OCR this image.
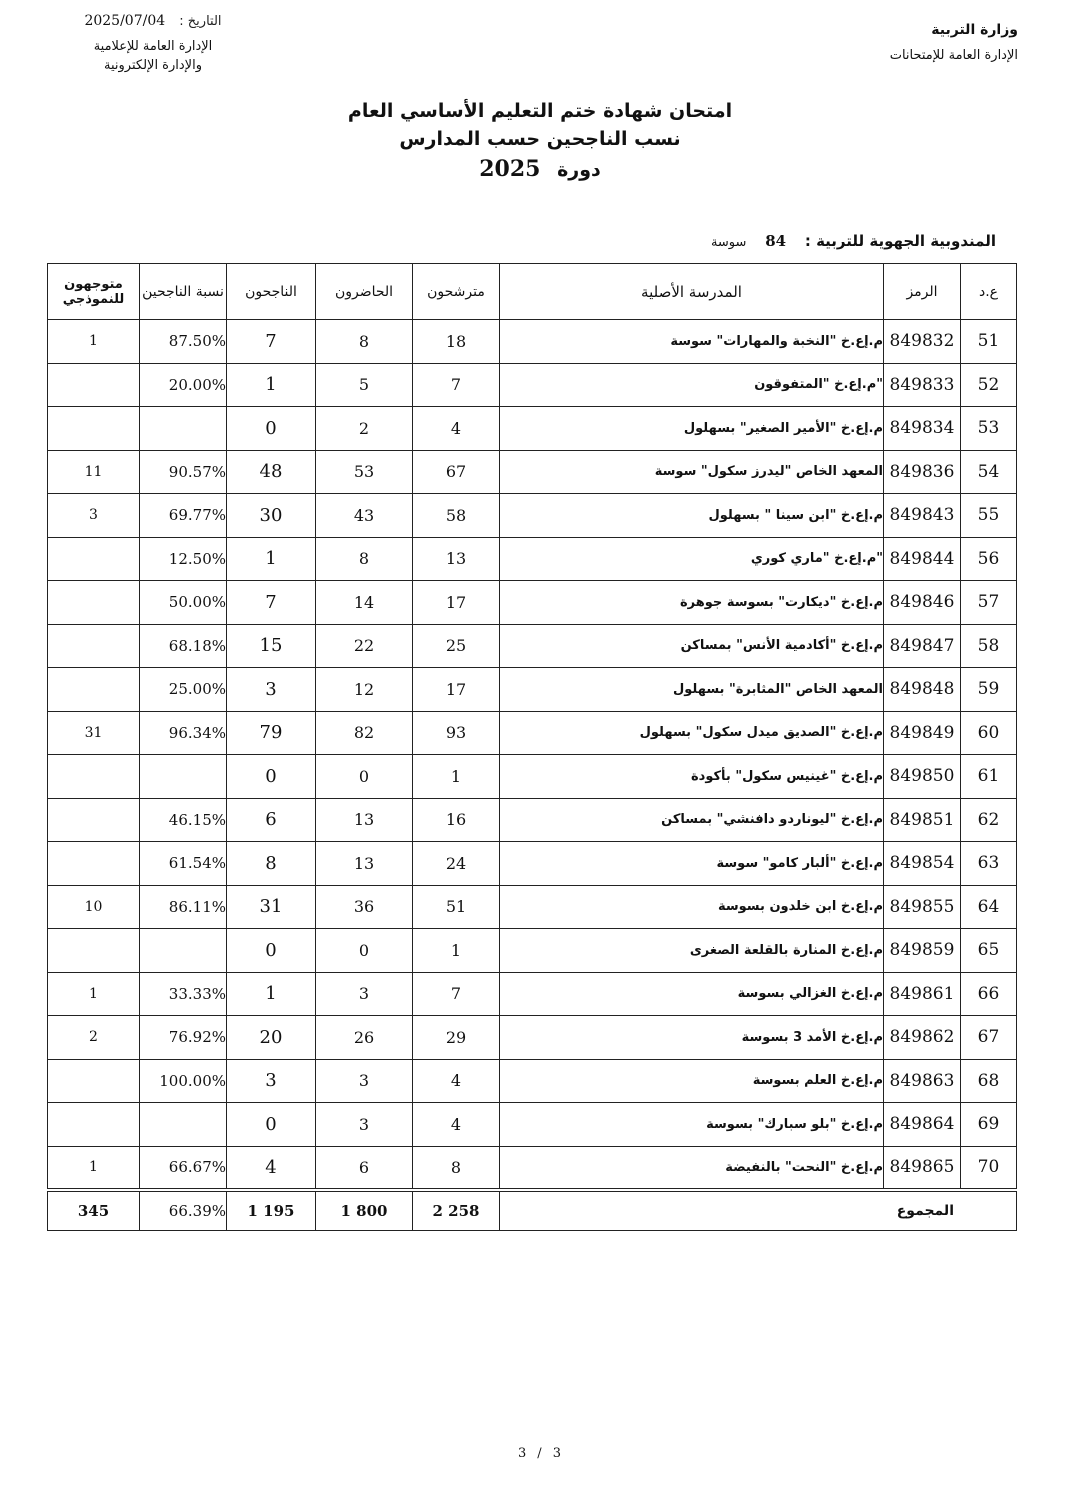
وزارة التربية
الإدارة العامة للإمتحانات
التاريخ : 2025/07/04
الإدارة العامة للإعلامية
والإدارة الإلكترونية
امتحان شهادة ختم التعليم الأساسي العام
نسب الناجحين حسب المدارس
دورة 2025
المندوبية الجهوية للتربية : 84 سوسة
متوجهون للنموذجي	نسبة الناجحين	الناجحون	الحاضرون	مترشحون	المدرسة الأصلية	الرمز	ع.د
1	87.50%	7	8	18	م.إع.خ "النخبة والمهارات" سوسة	849832	51
	20.00%	1	5	7	"م.إع.خ "المتفوقون	849833	52
		0	2	4	م.إع.خ "الأمير الصغير" بسهلول	849834	53
11	90.57%	48	53	67	المعهد الخاص "ليدرز سكول" سوسة	849836	54
3	69.77%	30	43	58	م.إع.خ "ابن سينا " بسهلول	849843	55
	12.50%	1	8	13	"م.إع.خ "ماري كوري	849844	56
	50.00%	7	14	17	م.إع.خ "ديكارت" بسوسة جوهرة	849846	57
	68.18%	15	22	25	م.إع.خ "أكادمية الأنس" بمساكن	849847	58
	25.00%	3	12	17	المعهد الخاص "المثابرة" بسهلول	849848	59
31	96.34%	79	82	93	م.إع.خ "الصديق ميدل سكول" بسهلول	849849	60
		0	0	1	م.إع.خ "غينيس سكول" بأكودة	849850	61
	46.15%	6	13	16	م.إع.خ "ليوناردو دافنشي" بمساكن	849851	62
	61.54%	8	13	24	م.إع.خ "ألبار كامو" سوسة	849854	63
10	86.11%	31	36	51	م.إع.خ ابن خلدون بسوسة	849855	64
		0	0	1	م.إع.خ المنارة بالقلعة الصغرى	849859	65
1	33.33%	1	3	7	م.إع.خ الغزالي بسوسة	849861	66
2	76.92%	20	26	29	م.إع.خ الأمد 3 بسوسة	849862	67
	100.00%	3	3	4	م.إع.خ العلم بسوسة	849863	68
		0	3	4	م.إع.خ "بلو سبارك" بسوسة	849864	69
1	66.67%	4	6	8	م.إع.خ "النحت" بالنفيضة	849865	70
345	66.39%	1 195	1 800	2 258	المجموع		
3 / 3
